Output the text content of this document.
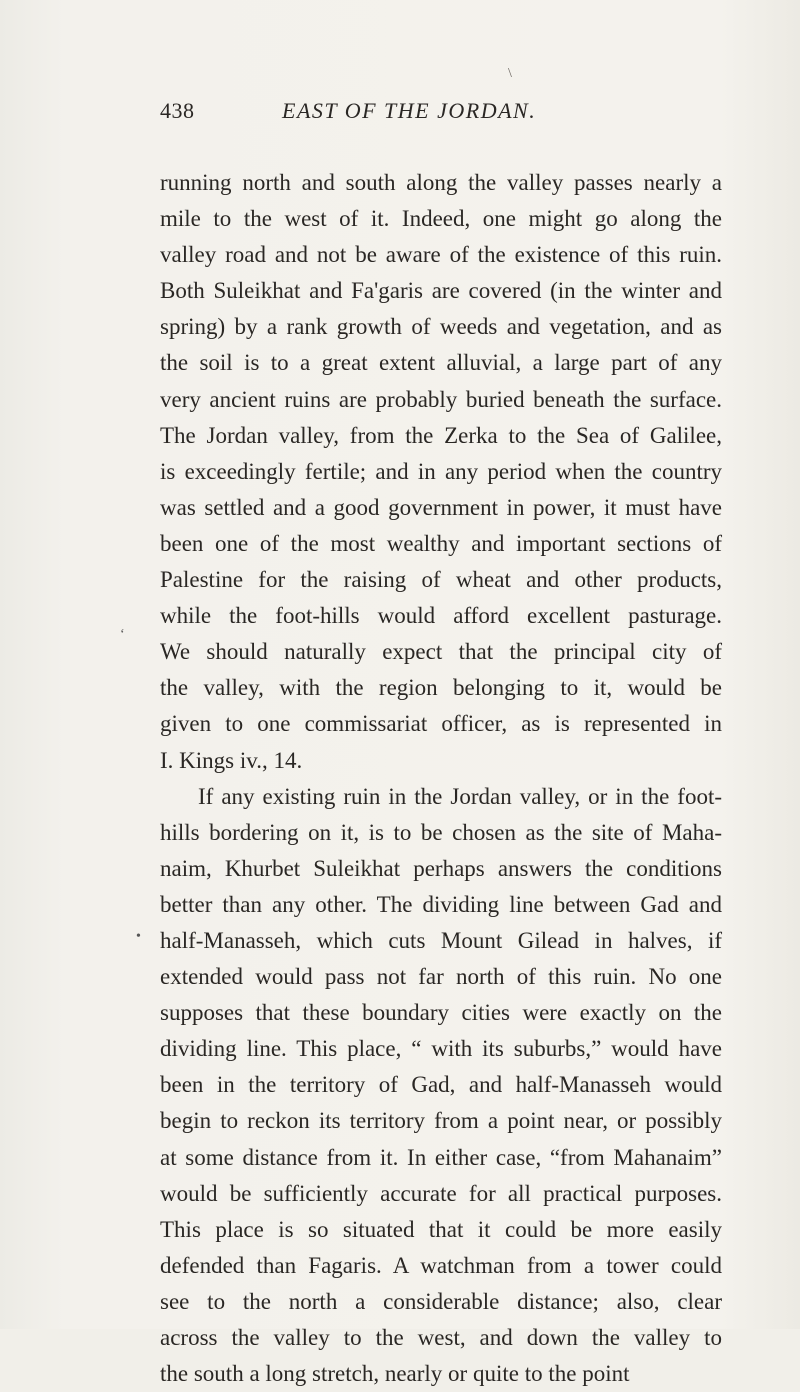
\
438	EAST OF THE JORDAN.

running north and south along the valley passes nearly a
mile to the west of it. Indeed, one might go along the
valley road and not be aware of the existence of this ruin.
Both Suleikhat and Fa'garis are covered (in the winter and
spring) by a rank growth of weeds and vegetation, and as
the soil is to a great extent alluvial, a large part of any
very ancient ruins are probably buried beneath the surface.
The Jordan valley, from the Zerka to the Sea of Galilee,
is exceedingly fertile; and in any period when the country
was settled and a good government in power, it must have
been one of the most wealthy and important sections of
Palestine for the raising of wheat and other products,
while the foot-hills would afford excellent pasturage.
We should naturally expect that the principal city of
the valley, with the region belonging to it, would be
given to one commissariat officer, as is represented in
I. Kings iv., 14.

If any existing ruin in the Jordan valley, or in the foot-
hills bordering on it, is to be chosen as the site of Maha-
naim, Khurbet Suleikhat perhaps answers the conditions
better than any other. The dividing line between Gad and
half-Manasseh, which cuts Mount Gilead in halves, if
extended would pass not far north of this ruin. No one
supposes that these boundary cities were exactly on the
dividing line. This place, “ with its suburbs,” would have
been in the territory of Gad, and half-Manasseh would
begin to reckon its territory from a point near, or possibly
at some distance from it. In either case, “from Mahanaim”
would be sufficiently accurate for all practical purposes.
This place is so situated that it could be more easily
defended than Fagaris. A watchman from a tower could
see to the north a considerable distance; also, clear
across the valley to the west, and down the valley to
the south a long stretch, nearly or quite to the point

‘
•
